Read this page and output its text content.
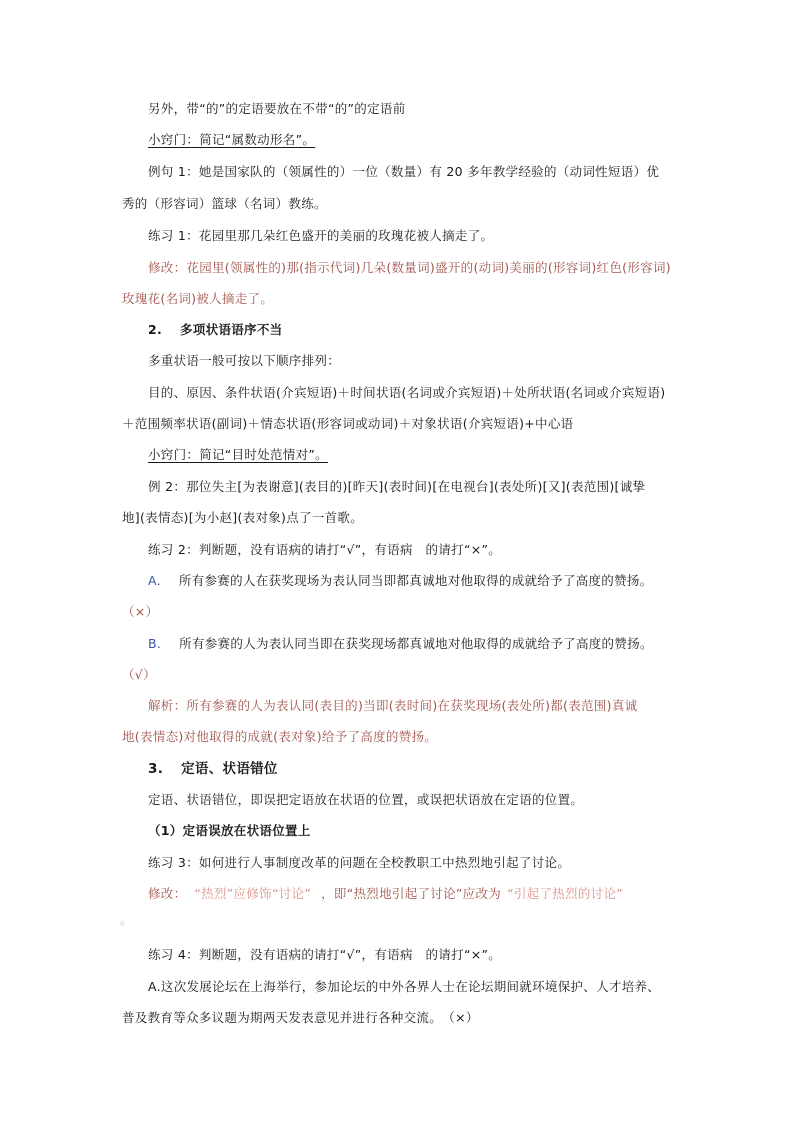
另外，带“的”的定语要放在不带“的”的定语前
小窍门：简记“属数动形名”。
例句 1：她是国家队的（领属性的）一位（数量）有 20 多年教学经验的（动词性短语）优
秀的（形容词）篮球（名词）教练。
练习 1：花园里那几朵红色盛开的美丽的玫瑰花被人摘走了。
修改：花园里(领属性的)那(指示代词)几朵(数量词)盛开的(动词)美丽的(形容词)红色(形容词)
玫瑰花(名词)被人摘走了。
2. 多项状语语序不当
多重状语一般可按以下顺序排列：
目的、原因、条件状语(介宾短语)＋时间状语(名词或介宾短语)＋处所状语(名词或介宾短语)
＋范围频率状语(副词)＋情态状语(形容词或动词)＋对象状语(介宾短语)+中心语
小窍门：简记“目时处范情对”。
例 2：那位失主[为表谢意](表目的)[昨天](表时间)[在电视台](表处所)[又](表范围)[诚挚
地](表情态)[为小赵](表对象)点了一首歌。
练习 2：判断题，没有语病的请打“√”，有语病　的请打“×”。
A. 所有参赛的人在获奖现场为表认同当即都真诚地对他取得的成就给予了高度的赞扬。
（×）
B. 所有参赛的人为表认同当即在获奖现场都真诚地对他取得的成就给予了高度的赞扬。
（√）
解析：所有参赛的人为表认同(表目的)当即(表时间)在获奖现场(表处所)都(表范围)真诚
地(表情态)对他取得的成就(表对象)给予了高度的赞扬。
3. 定语、状语错位
定语、状语错位，即误把定语放在状语的位置，或误把状语放在定语的位置。
（1）定语误放在状语位置上
练习 3：如何进行人事制度改革的问题在全校教职工中热烈地引起了讨论。
修改： “热烈”应修饰“讨论” ，即“热烈地引起了讨论”应改为 “引起了热烈的讨论”
。
练习 4：判断题，没有语病的请打“√”，有语病　的请打“×”。
A.这次发展论坛在上海举行，参加论坛的中外各界人士在论坛期间就环境保护、人才培养、
普及教育等众多议题为期两天发表意见并进行各种交流。　（×）
